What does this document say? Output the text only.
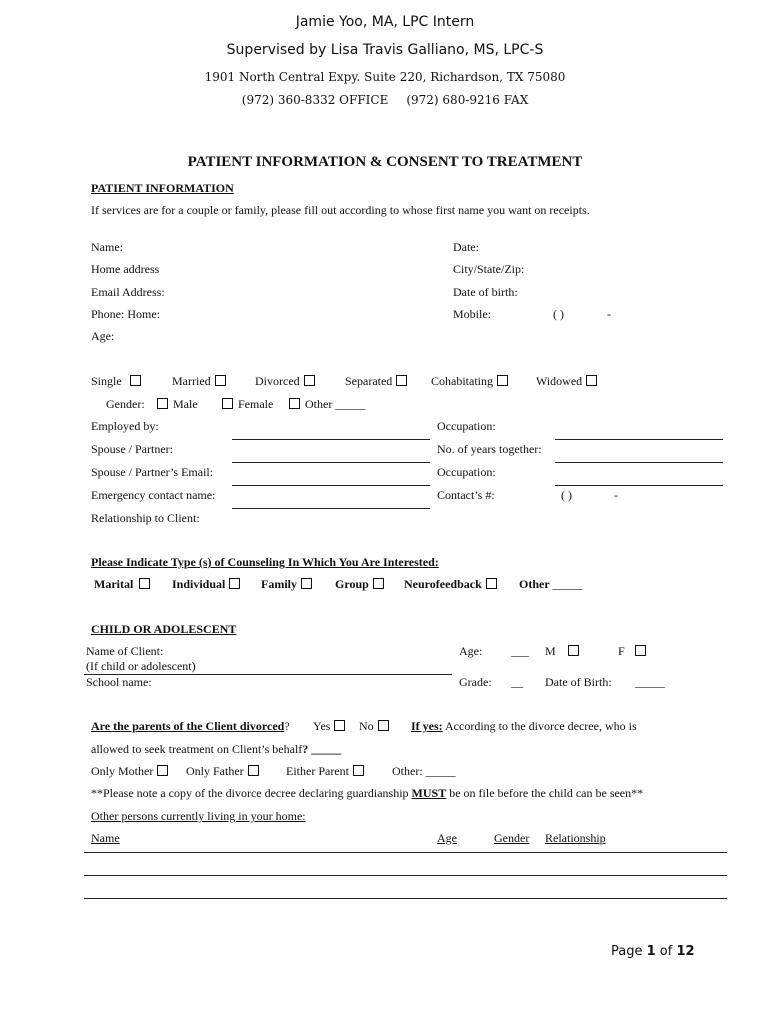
Jamie Yoo, MA, LPC Intern
Supervised by Lisa Travis Galliano, MS, LPC-S
1901 North Central Expy. Suite 220, Richardson, TX 75080
(972) 360-8332 OFFICE (972) 680-9216 FAX
PATIENT INFORMATION & CONSENT TO TREATMENT
PATIENT INFORMATION
If services are for a couple or family, please fill out according to whose first name you want on receipts.
Name:	Date:
Home address	City/State/Zip:
Email Address:	Date of birth:
Phone: Home:	Mobile:	( )	-
Age:
Single	Married	Divorced	Separated	Cohabitating	Widowed
Gender:	Male	Female	Other _____
Employed by:	Occupation:
Spouse / Partner:	No. of years together:
Spouse / Partner’s Email:	Occupation:
Emergency contact name:	Contact’s #:	( )	-
Relationship to Client:
Please Indicate Type (s) of Counseling In Which You Are Interested:
Marital	Individual	Family	Group	Neurofeedback	Other _____
CHILD OR ADOLESCENT
Name of Client:
(If child or adolescent)
Age: ___ M	F
School name:	Grade: __ Date of Birth: _____
Are the parents of the Client divorced? Yes	No	If yes: According to the divorce decree, who is
allowed to seek treatment on Client’s behalf? _____
Only Mother	Only Father	Either Parent	Other: _____
**Please note a copy of the divorce decree declaring guardianship MUST be on file before the child can be seen**
Other persons currently living in your home:
Name	Age	Gender Relationship
Page 1 of 12
